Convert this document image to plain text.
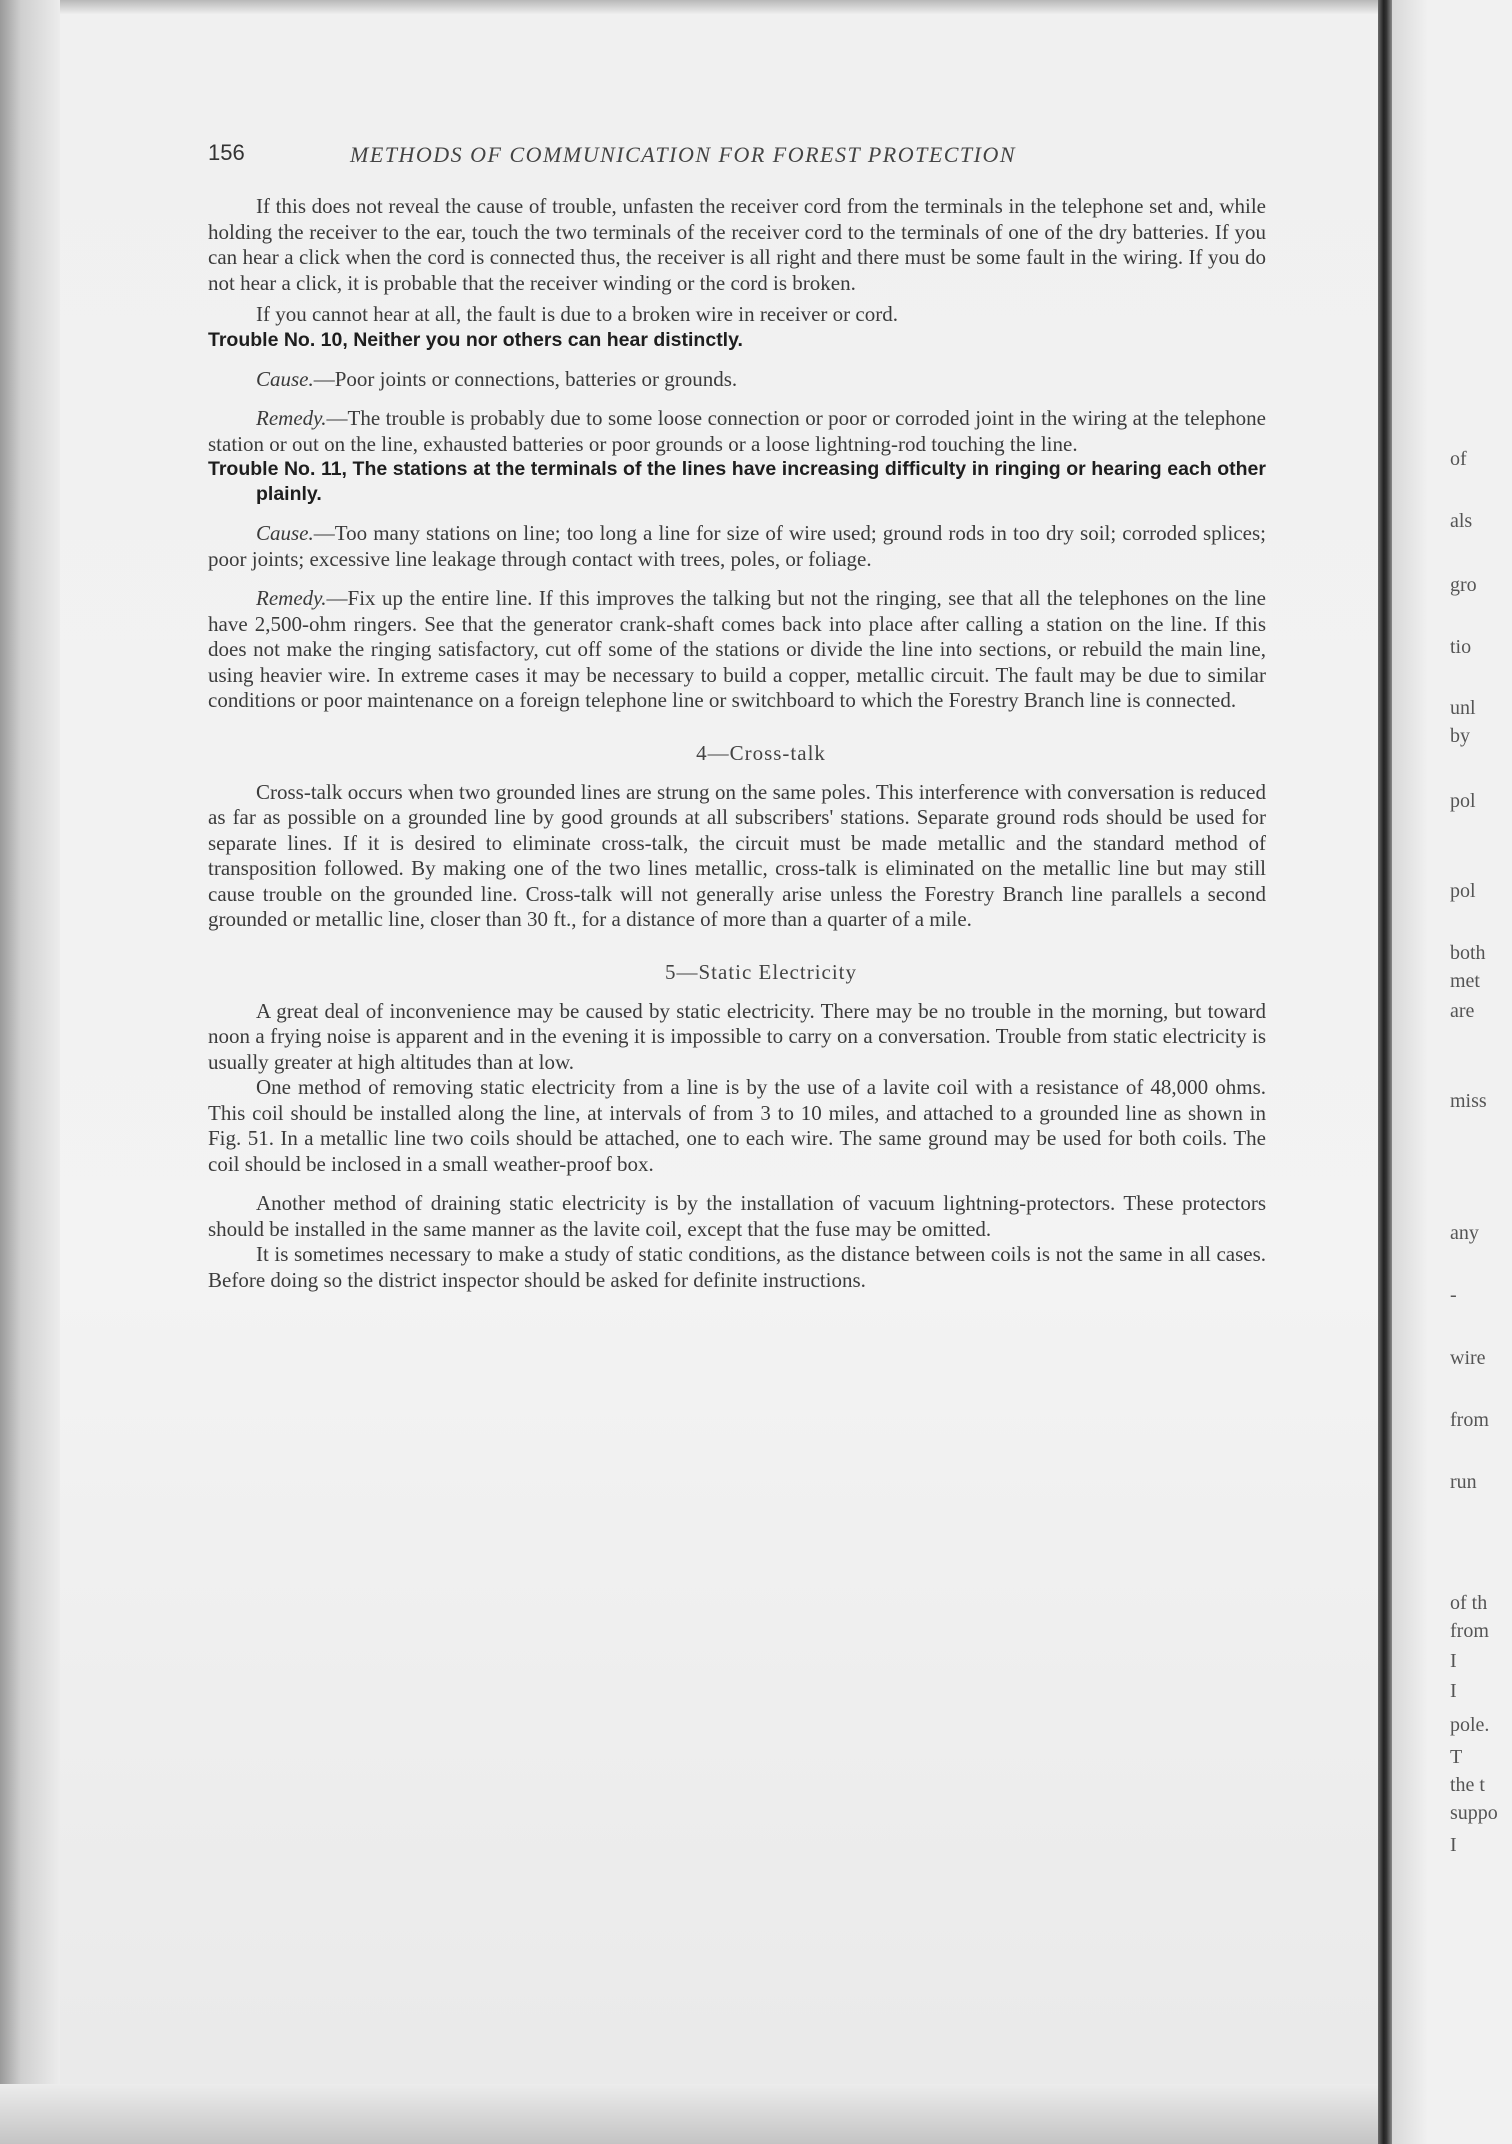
of
als
gro
tio
unl
by
pol
pol
both
met
are
miss
any
-
wire
from
run
of th
from
I
I
pole.
T
the t
suppo
I
156	METHODS OF COMMUNICATION FOR FOREST PROTECTION

If this does not reveal the cause of trouble, unfasten the receiver cord from the terminals in the telephone set and, while holding the receiver to the ear, touch the two terminals of the receiver cord to the terminals of one of the dry batteries. If you can hear a click when the cord is connected thus, the receiver is all right and there must be some fault in the wiring. If you do not hear a click, it is probable that the receiver winding or the cord is broken.

If you cannot hear at all, the fault is due to a broken wire in receiver or cord.

Trouble No. 10, Neither you nor others can hear distinctly.

Cause.—Poor joints or connections, batteries or grounds.

Remedy.—The trouble is probably due to some loose connection or poor or corroded joint in the wiring at the telephone station or out on the line, exhausted batteries or poor grounds or a loose lightning-rod touching the line.

Trouble No. 11, The stations at the terminals of the lines have increasing difficulty in ringing or hearing each other plainly.

Cause.—Too many stations on line; too long a line for size of wire used; ground rods in too dry soil; corroded splices; poor joints; excessive line leakage through contact with trees, poles, or foliage.

Remedy.—Fix up the entire line. If this improves the talking but not the ringing, see that all the telephones on the line have 2,500-ohm ringers. See that the generator crank-shaft comes back into place after calling a station on the line. If this does not make the ringing satisfactory, cut off some of the stations or divide the line into sections, or rebuild the main line, using heavier wire. In extreme cases it may be necessary to build a copper, metallic circuit. The fault may be due to similar conditions or poor maintenance on a foreign telephone line or switchboard to which the Forestry Branch line is connected.

4—Cross-talk

Cross-talk occurs when two grounded lines are strung on the same poles. This interference with conversation is reduced as far as possible on a grounded line by good grounds at all subscribers' stations. Separate ground rods should be used for separate lines. If it is desired to eliminate cross-talk, the circuit must be made metallic and the standard method of transposition followed. By making one of the two lines metallic, cross-talk is eliminated on the metallic line but may still cause trouble on the grounded line. Cross-talk will not generally arise unless the Forestry Branch line parallels a second grounded or metallic line, closer than 30 ft., for a distance of more than a quarter of a mile.

5—Static Electricity

A great deal of inconvenience may be caused by static electricity. There may be no trouble in the morning, but toward noon a frying noise is apparent and in the evening it is impossible to carry on a conversation. Trouble from static electricity is usually greater at high altitudes than at low.

One method of removing static electricity from a line is by the use of a lavite coil with a resistance of 48,000 ohms. This coil should be installed along the line, at intervals of from 3 to 10 miles, and attached to a grounded line as shown in Fig. 51. In a metallic line two coils should be attached, one to each wire. The same ground may be used for both coils. The coil should be inclosed in a small weather-proof box.

Another method of draining static electricity is by the installation of vacuum lightning-protectors. These protectors should be installed in the same manner as the lavite coil, except that the fuse may be omitted.

It is sometimes necessary to make a study of static conditions, as the distance between coils is not the same in all cases. Before doing so the district inspector should be asked for definite instructions.
